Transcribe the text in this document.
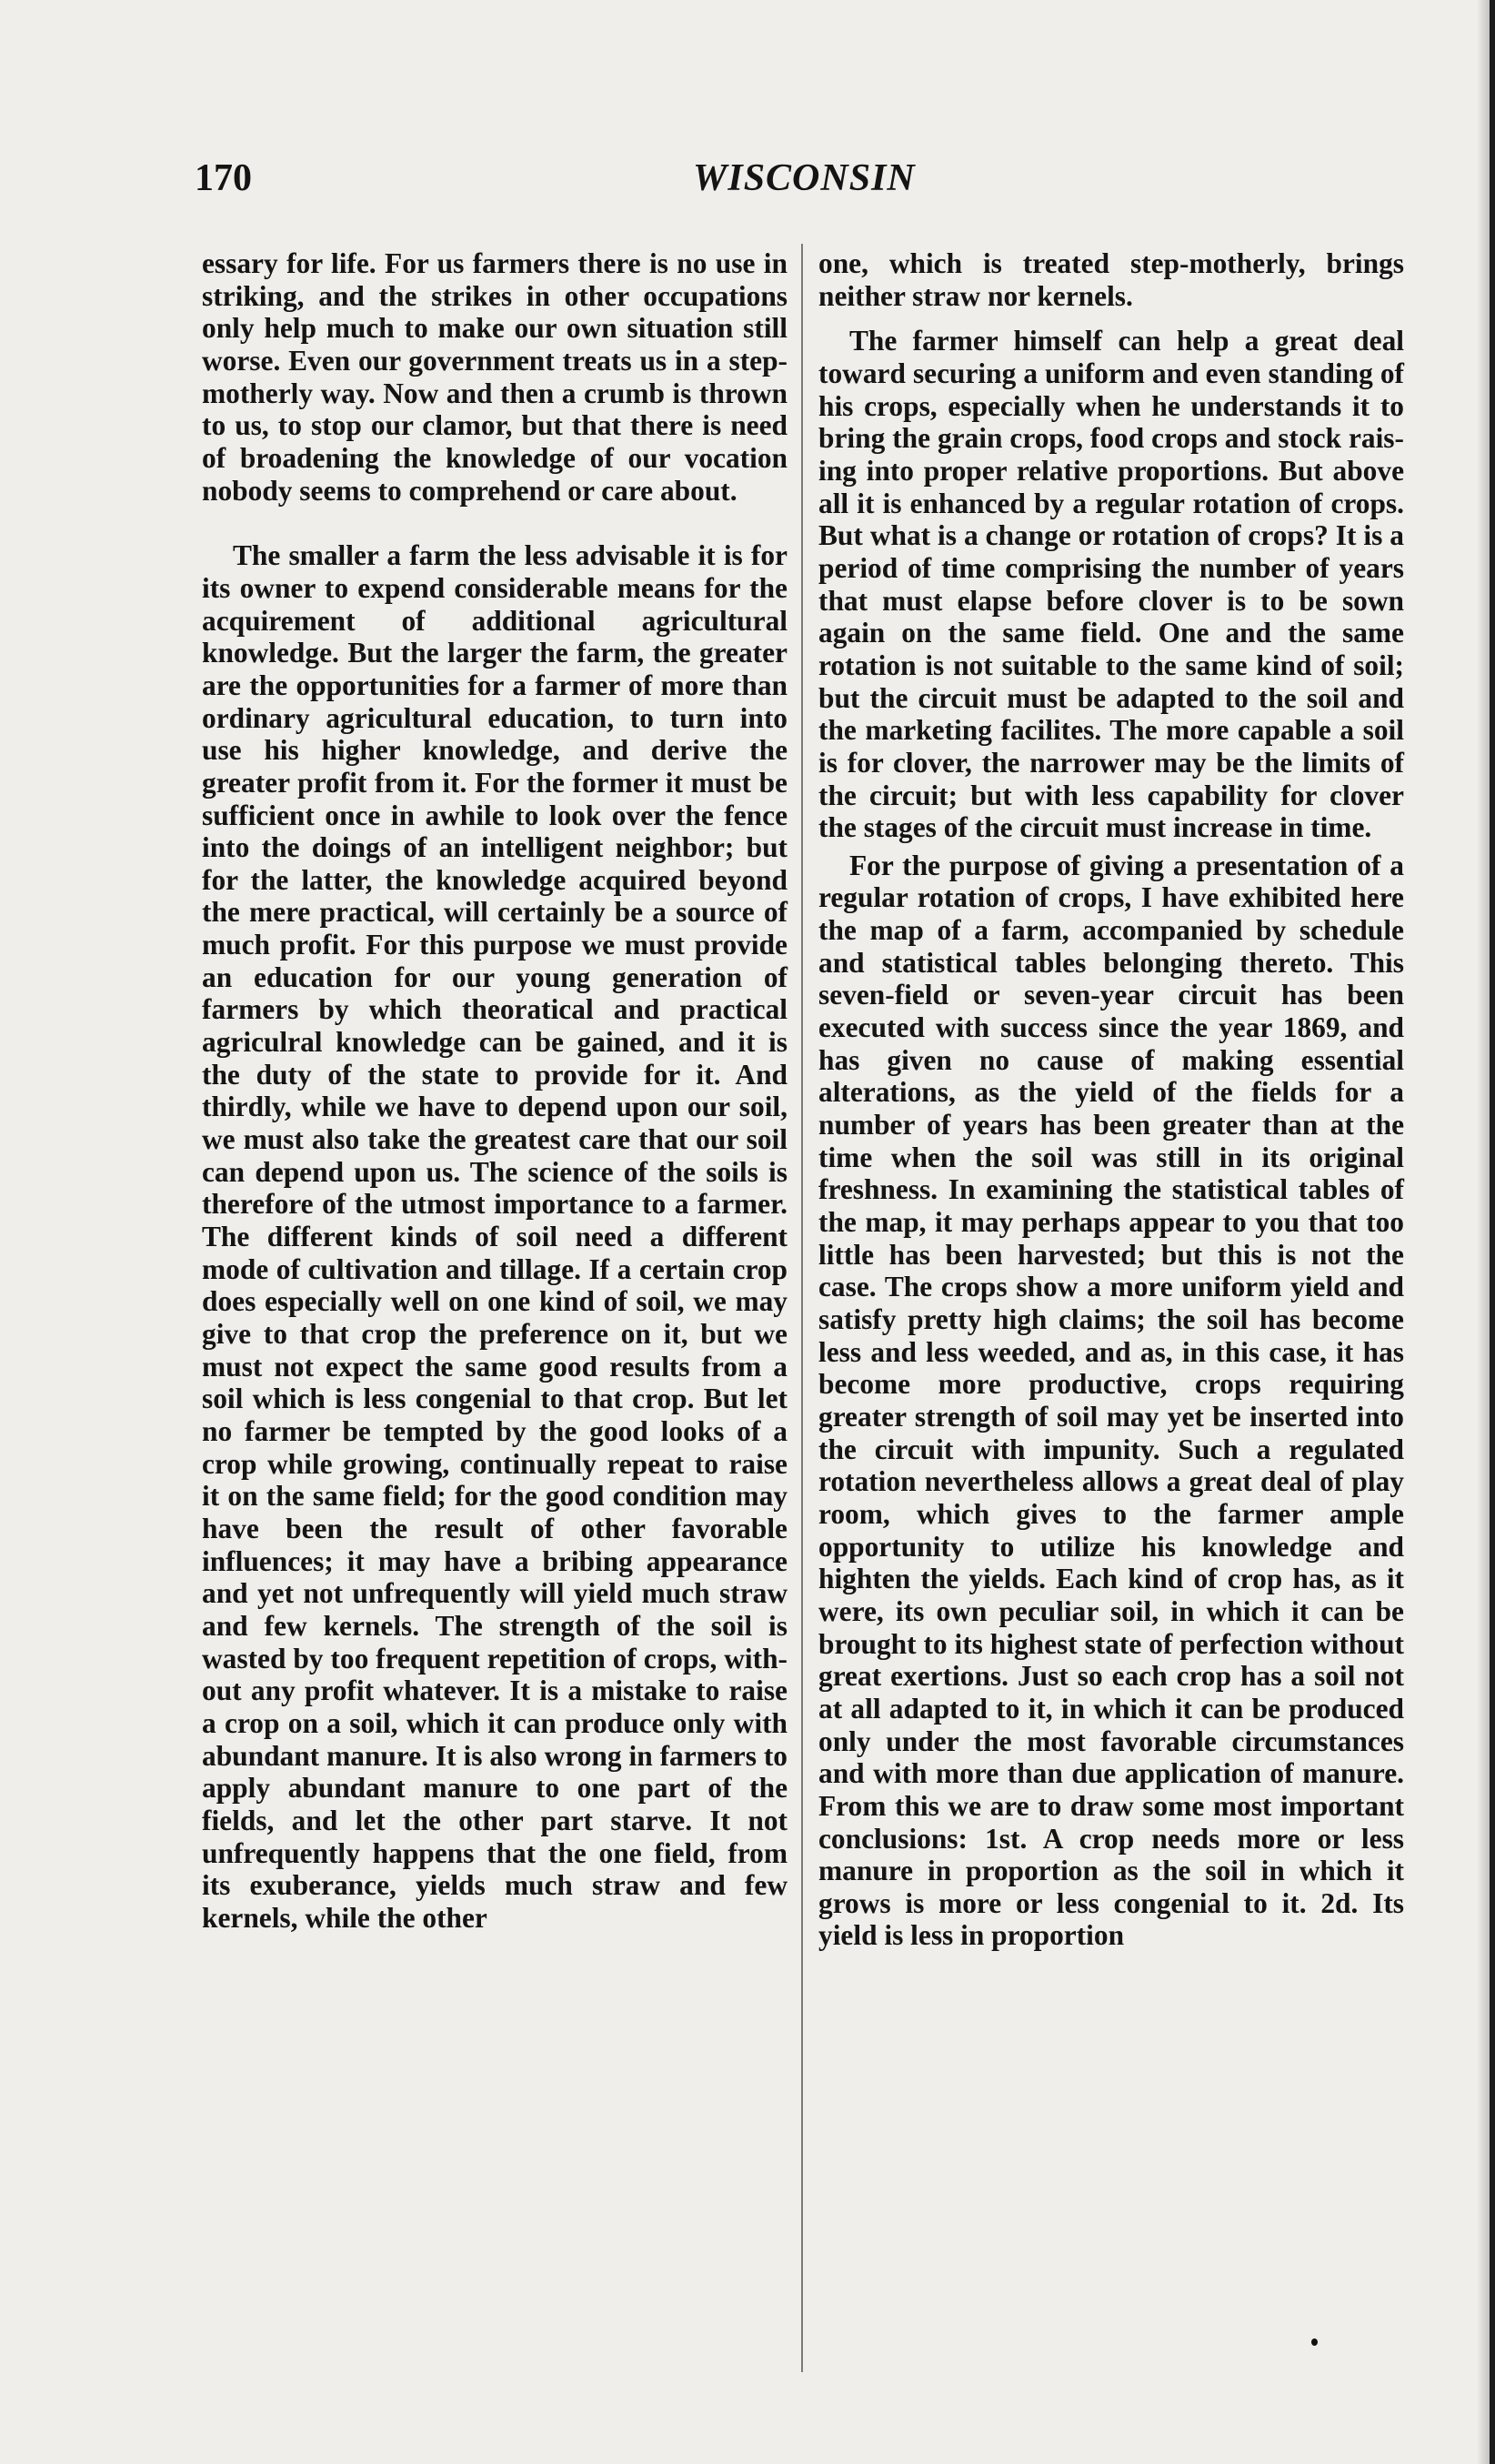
170	WISCONSIN

essary for life. For us farmers there is no use in striking, and the strikes in other occupations only help much to make our own situation still worse. Even our government treats us in a step-motherly way. Now and then a crumb is thrown to us, to stop our clamor, but that there is need of broadening the knowledge of our vocation nobody seems to comprehend or care about.

The smaller a farm the less advisable it is for its owner to expend considerable means for the acquirement of additional agricultural knowledge. But the larger the farm, the greater are the opportunities for a farmer of more than ordinary agricultural education, to turn into use his higher knowledge, and derive the greater profit from it. For the former it must be sufficient once in awhile to look over the fence into the doings of an intelligent neighbor; but for the latter, the knowledge acquired beyond the mere practical, will certainly be a source of much profit. For this purpose we must provide an education for our young generation of farmers by which theoratical and practical agriculral knowledge can be gained, and it is the duty of the state to provide for it. And thirdly, while we have to depend upon our soil, we must also take the greatest care that our soil can depend upon us. The science of the soils is therefore of the utmost importance to a farmer. The different kinds of soil need a different mode of cultivation and tillage. If a certain crop does especially well on one kind of soil, we may give to that crop the preference on it, but we must not expect the same good results from a soil which is less congenial to that crop. But let no farmer be tempted by the good looks of a crop while growing, continually repeat to raise it on the same field; for the good condition may have been the result of other favorable influences; it may have a bribing appearance and yet not unfrequently will yield much straw and few kernels. The strength of the soil is wasted by too frequent repetition of crops, without any profit whatever. It is a mistake to raise a crop on a soil, which it can produce only with abundant manure. It is also wrong in farmers to apply abundant manure to one part of the fields, and let the other part starve. It not unfrequently happens that the one field, from its exuberance, yields much straw and few kernels, while the other

one, which is treated step-motherly, brings neither straw nor kernels.

The farmer himself can help a great deal toward securing a uniform and even standing of his crops, especially when he understands it to bring the grain crops, food crops and stock raising into proper relative proportions. But above all it is enhanced by a regular rotation of crops. But what is a change or rotation of crops? It is a period of time comprising the number of years that must elapse before clover is to be sown again on the same field. One and the same rotation is not suitable to the same kind of soil; but the circuit must be adapted to the soil and the marketing facilites. The more capable a soil is for clover, the narrower may be the limits of the circuit; but with less capability for clover the stages of the circuit must increase in time.

For the purpose of giving a presentation of a regular rotation of crops, I have exhibited here the map of a farm, accompanied by schedule and statistical tables belonging thereto. This seven-field or seven-year circuit has been executed with success since the year 1869, and has given no cause of making essential alterations, as the yield of the fields for a number of years has been greater than at the time when the soil was still in its original freshness. In examining the statistical tables of the map, it may perhaps appear to you that too little has been harvested; but this is not the case. The crops show a more uniform yield and satisfy pretty high claims; the soil has become less and less weeded, and as, in this case, it has become more productive, crops requiring greater strength of soil may yet be inserted into the circuit with impunity. Such a regulated rotation nevertheless allows a great deal of play room, which gives to the farmer ample opportunity to utilize his knowledge and highten the yields. Each kind of crop has, as it were, its own peculiar soil, in which it can be brought to its highest state of perfection without great exertions. Just so each crop has a soil not at all adapted to it, in which it can be produced only under the most favorable circumstances and with more than due application of manure. From this we are to draw some most important conclusions: 1st. A crop needs more or less manure in proportion as the soil in which it grows is more or less congenial to it. 2d. Its yield is less in proportion
